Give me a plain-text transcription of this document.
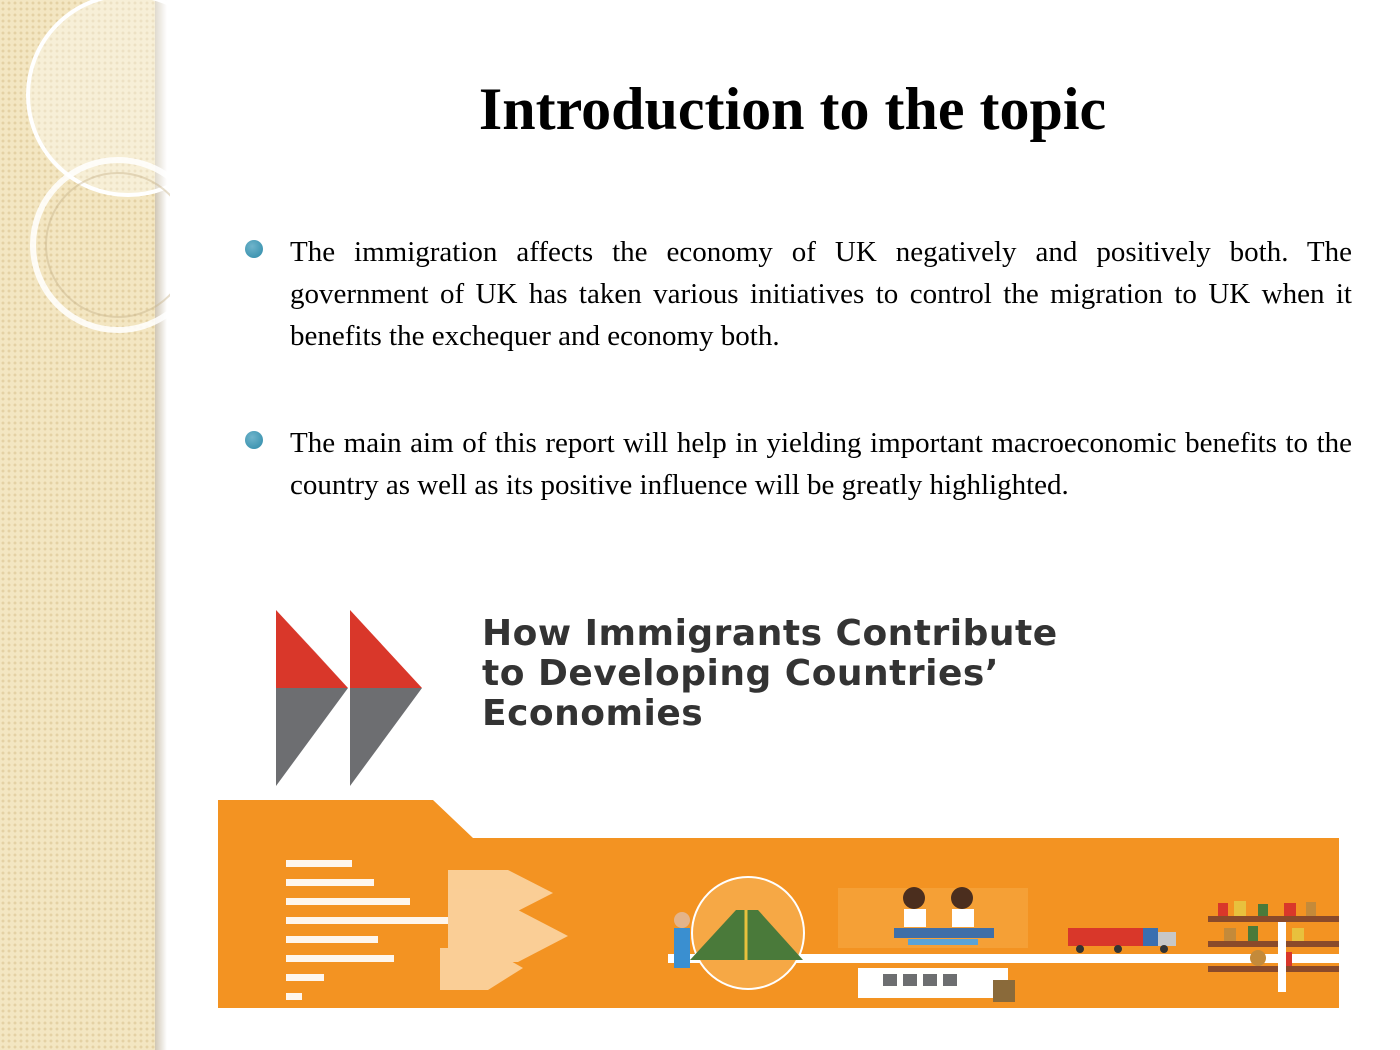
Introduction to the topic

The immigration affects the economy of UK negatively and positively both. The government of UK has taken various initiatives to control the migration to UK when it benefits the exchequer and economy both.

The main aim of this report will help in yielding important macroeconomic benefits to the country as well as its positive influence will be greatly highlighted.

How Immigrants Contribute
to Developing Countries’
Economies
